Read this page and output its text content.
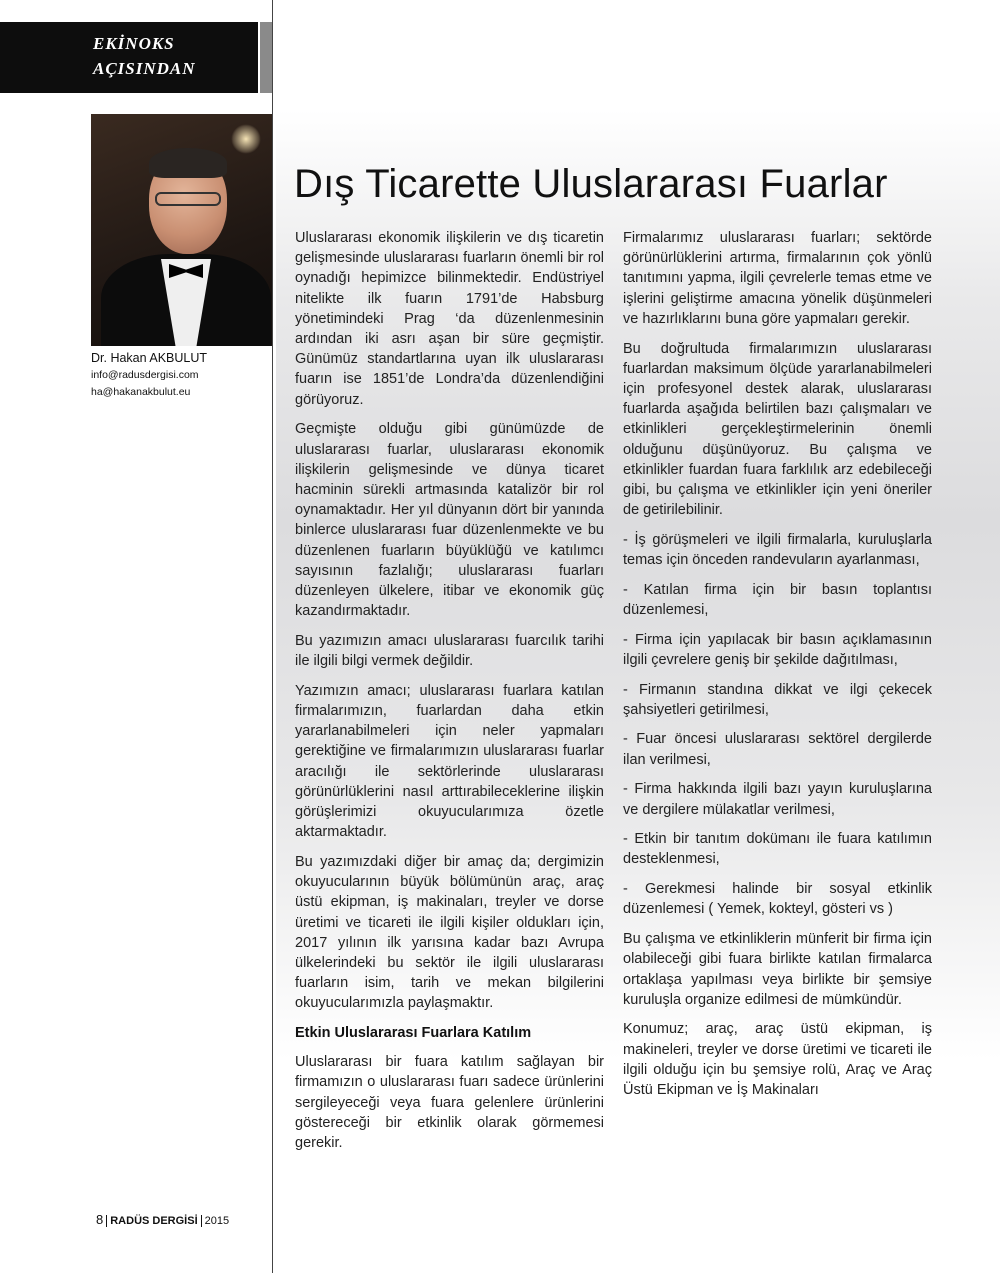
EKİNOKS
AÇISINDAN
Dr. Hakan AKBULUT
info@radusdergisi.com
ha@hakanakbulut.eu
Dış Ticarette Uluslararası Fuarlar

Uluslararası ekonomik ilişkilerin ve dış ticaretin gelişmesinde uluslararası fuarların önemli bir rol oynadığı hepimizce bilinmektedir. Endüstriyel nitelikte ilk fuarın 1791’de Habsburg yönetimindeki Prag ‘da düzenlenmesinin ardından iki asrı aşan bir süre geçmiştir. Günümüz standartlarına uyan ilk uluslararası fuarın ise 1851’de Londra’da düzenlendiğini görüyoruz.

Geçmişte olduğu gibi günümüzde de uluslararası fuarlar, uluslararası ekonomik ilişkilerin gelişmesinde ve dünya ticaret hacminin sürekli artmasında katalizör bir rol oynamaktadır. Her yıl dünyanın dört bir yanında binlerce uluslararası fuar düzenlenmekte ve bu düzenlenen fuarların büyüklüğü ve katılımcı sayısının fazlalığı; uluslararası fuarları düzenleyen ülkelere, itibar ve ekonomik güç kazandırmaktadır.

Bu yazımızın amacı uluslararası fuarcılık tarihi ile ilgili bilgi vermek değildir.

Yazımızın amacı; uluslararası fuarlara katılan firmalarımızın, fuarlardan daha etkin yararlanabilmeleri için neler yapmaları gerektiğine ve firmalarımızın uluslararası fuarlar aracılığı ile sektörlerinde uluslararası görünürlüklerini nasıl arttırabileceklerine ilişkin görüşlerimizi okuyucularımıza özetle aktarmaktadır.

Bu yazımızdaki diğer bir amaç da; dergimizin okuyucularının büyük bölümünün araç, araç üstü ekipman, iş makinaları, treyler ve dorse üretimi ve ticareti ile ilgili kişiler oldukları için, 2017 yılının ilk yarısına kadar bazı Avrupa ülkelerindeki bu sektör ile ilgili uluslararası fuarların isim, tarih ve mekan bilgilerini okuyucularımızla paylaşmaktır.

Etkin Uluslararası Fuarlara Katılım

Uluslararası bir fuara katılım sağlayan bir firmamızın o uluslararası fuarı sadece ürünlerini sergileyeceği veya fuara gelenlere ürünlerini göstereceği bir etkinlik olarak görmemesi gerekir.

Firmalarımız uluslararası fuarları; sektörde görünürlüklerini artırma, firmalarının çok yönlü tanıtımını yapma, ilgili çevrelerle temas etme ve işlerini geliştirme amacına yönelik düşünmeleri ve hazırlıklarını buna göre yapmaları gerekir.

Bu doğrultuda firmalarımızın uluslararası fuarlardan maksimum ölçüde yararlanabilmeleri için profesyonel destek alarak, uluslararası fuarlarda aşağıda belirtilen bazı çalışmaları ve etkinlikleri gerçekleştirmelerinin önemli olduğunu düşünüyoruz. Bu çalışma ve etkinlikler fuardan fuara farklılık arz edebileceği gibi, bu çalışma ve etkinlikler için yeni öneriler de getirilebilinir.

- İş görüşmeleri ve ilgili firmalarla, kuruluşlarla temas için önceden randevuların ayarlanması,

- Katılan firma için bir basın toplantısı düzenlemesi,

- Firma için yapılacak bir basın açıklamasının ilgili çevrelere geniş bir şekilde dağıtılması,

- Firmanın standına dikkat ve ilgi çekecek şahsiyetleri getirilmesi,

- Fuar öncesi uluslararası sektörel dergilerde ilan verilmesi,

- Firma hakkında ilgili bazı yayın kuruluşlarına ve dergilere mülakatlar verilmesi,

- Etkin bir tanıtım dokümanı ile fuara katılımın desteklenmesi,

- Gerekmesi halinde bir sosyal etkinlik düzenlemesi ( Yemek, kokteyl, gösteri vs )

Bu çalışma ve etkinliklerin münferit bir firma için olabileceği gibi fuara birlikte katılan firmalarca ortaklaşa yapılması veya birlikte bir şemsiye kuruluşla organize edilmesi de mümkündür.

Konumuz; araç, araç üstü ekipman, iş makineleri, treyler ve dorse üretimi ve ticareti ile ilgili olduğu için bu şemsiye rolü, Araç ve Araç Üstü Ekipman ve İş Makinaları

8 RADÜS DERGİSİ 2015
